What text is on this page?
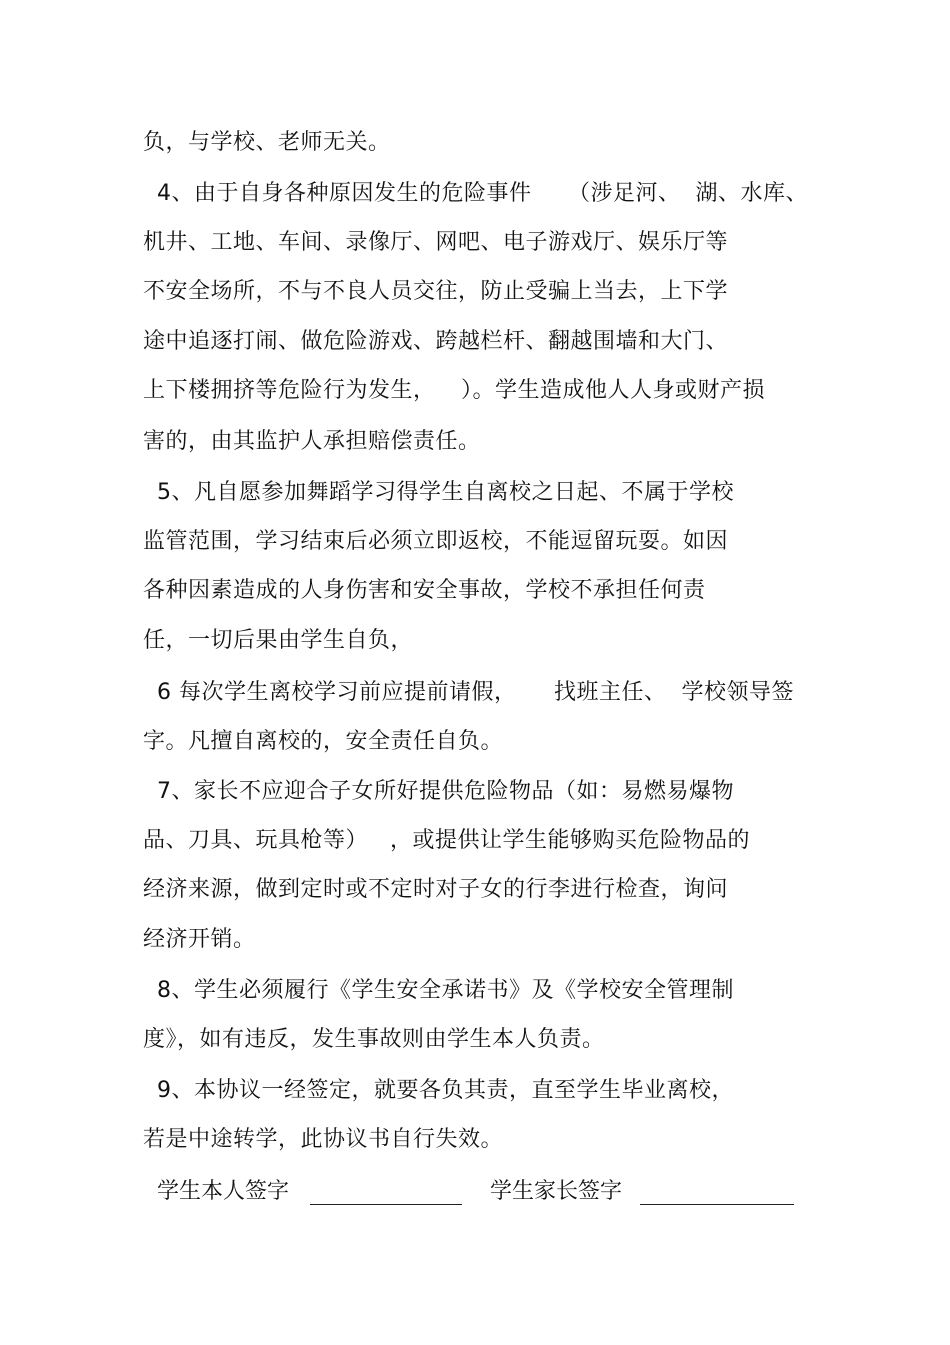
负，与学校、老师无关。
4、由于自身各种原因发生的危险事件 （涉足河、  湖、水库、
机井、工地、车间、录像厅、网吧、电子游戏厅、娱乐厅等
不安全场所，不与不良人员交往，防止受骗上当去，上下学
途中追逐打闹、做危险游戏、跨越栏杆、翻越围墙和大门、
上下楼拥挤等危险行为发生， ）。学生造成他人人身或财产损
害的，由其监护人承担赔偿责任。
5、凡自愿参加舞蹈学习得学生自离校之日起、不属于学校
监管范围，学习结束后必须立即返校，不能逗留玩耍。如因
各种因素造成的人身伤害和安全事故，学校不承担任何责
任，一切后果由学生自负，
6 每次学生离校学习前应提前请假， 找班主任、  学校领导签
字。凡擅自离校的，安全责任自负。
7、家长不应迎合子女所好提供危险物品（如：易燃易爆物
品、刀具、玩具枪等） ，或提供让学生能够购买危险物品的
经济来源，做到定时或不定时对子女的行李进行检查，询问
经济开销。
8、学生必须履行《学生安全承诺书》及《学校安全管理制
度》，如有违反，发生事故则由学生本人负责。
9、本协议一经签定，就要各负其责，直至学生毕业离校，
若是中途转学，此协议书自行失效。
学生本人签字	学生家长签字
